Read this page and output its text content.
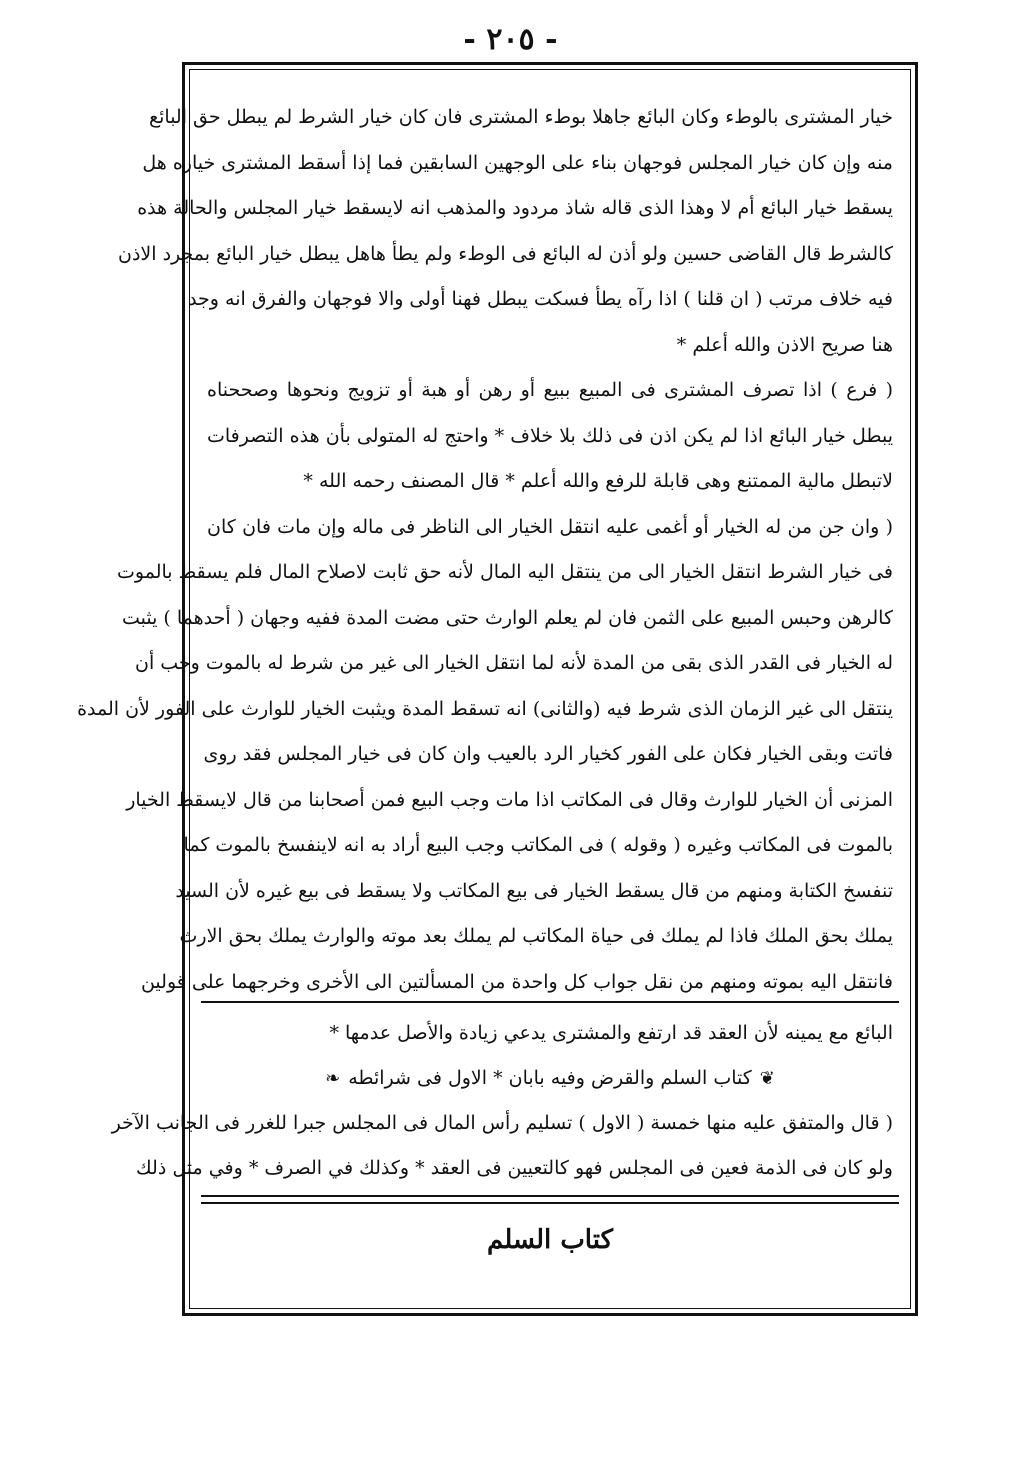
- ٢٠٥ -
خيار المشترى بالوطء وكان البائع جاهلا بوطء المشترى فان كان خيار الشرط لم يبطل حق البائع
منه وإن كان خيار المجلس فوجهان بناء على الوجهين السابقين فما إذا أسقط المشترى خياره هل
يسقط خيار البائع أم لا وهذا الذى قاله شاذ مردود والمذهب انه لايسقط خيار المجلس والحالة هذه
كالشرط قال القاضى حسين ولو أذن له البائع فى الوطء ولم يطأ هاهل يبطل خيار البائع بمجرد الاذن
فيه خلاف مرتب ( ان قلنا ) اذا رآه يطأ فسكت يبطل فهنا أولى والا فوجهان والفرق انه وجد
هنا صريح الاذن والله أعلم *
( فرع ) اذا تصرف المشترى فى المبيع ببيع أو رهن أو هبة أو تزويج ونحوها وصححناه
يبطل خيار البائع اذا لم يكن اذن فى ذلك بلا خلاف * واحتج له المتولى بأن هذه التصرفات
لاتبطل مالية الممتنع وهى قابلة للرفع والله أعلم * قال المصنف رحمه الله *
( وان جن من له الخيار أو أغمى عليه انتقل الخيار الى الناظر فى ماله وإن مات فان كان
فى خيار الشرط انتقل الخيار الى من ينتقل اليه المال لأنه حق ثابت لاصلاح المال فلم يسقط بالموت
كالرهن وحبس المبيع على الثمن فان لم يعلم الوارث حتى مضت المدة ففيه وجهان ( أحدهما ) يثبت
له الخيار فى القدر الذى بقى من المدة لأنه لما انتقل الخيار الى غير من شرط له بالموت وجب أن
ينتقل الى غير الزمان الذى شرط فيه (والثانى) انه تسقط المدة ويثبت الخيار للوارث على الفور لأن المدة
فاتت وبقى الخيار فكان على الفور كخيار الرد بالعيب وان كان فى خيار المجلس فقد روى
المزنى أن الخيار للوارث وقال فى المكاتب اذا مات وجب البيع فمن أصحابنا من قال لايسقط الخيار
بالموت فى المكاتب وغيره ( وقوله ) فى المكاتب وجب البيع أراد به انه لاينفسخ بالموت كما
تنفسخ الكتابة ومنهم من قال يسقط الخيار فى بيع المكاتب ولا يسقط فى بيع غيره لأن السيد
يملك بحق الملك فاذا لم يملك فى حياة المكاتب لم يملك بعد موته والوارث يملك بحق الارث
فانتقل اليه بموته ومنهم من نقل جواب كل واحدة من المسألتين الى الأخرى وخرجهما على قولين
البائع مع يمينه لأن العقد قد ارتفع والمشترى يدعي زيادة والأصل عدمها *
❦كتاب السلم والقرض وفيه بابان * الاول فى شرائطه❧
( قال والمتفق عليه منها خمسة ( الاول ) تسليم رأس المال فى المجلس جبرا للغرر فى الجانب الآخر
ولو كان فى الذمة فعين فى المجلس فهو كالتعيين فى العقد * وكذلك في الصرف * وفي مثل ذلك
كتاب السلم
